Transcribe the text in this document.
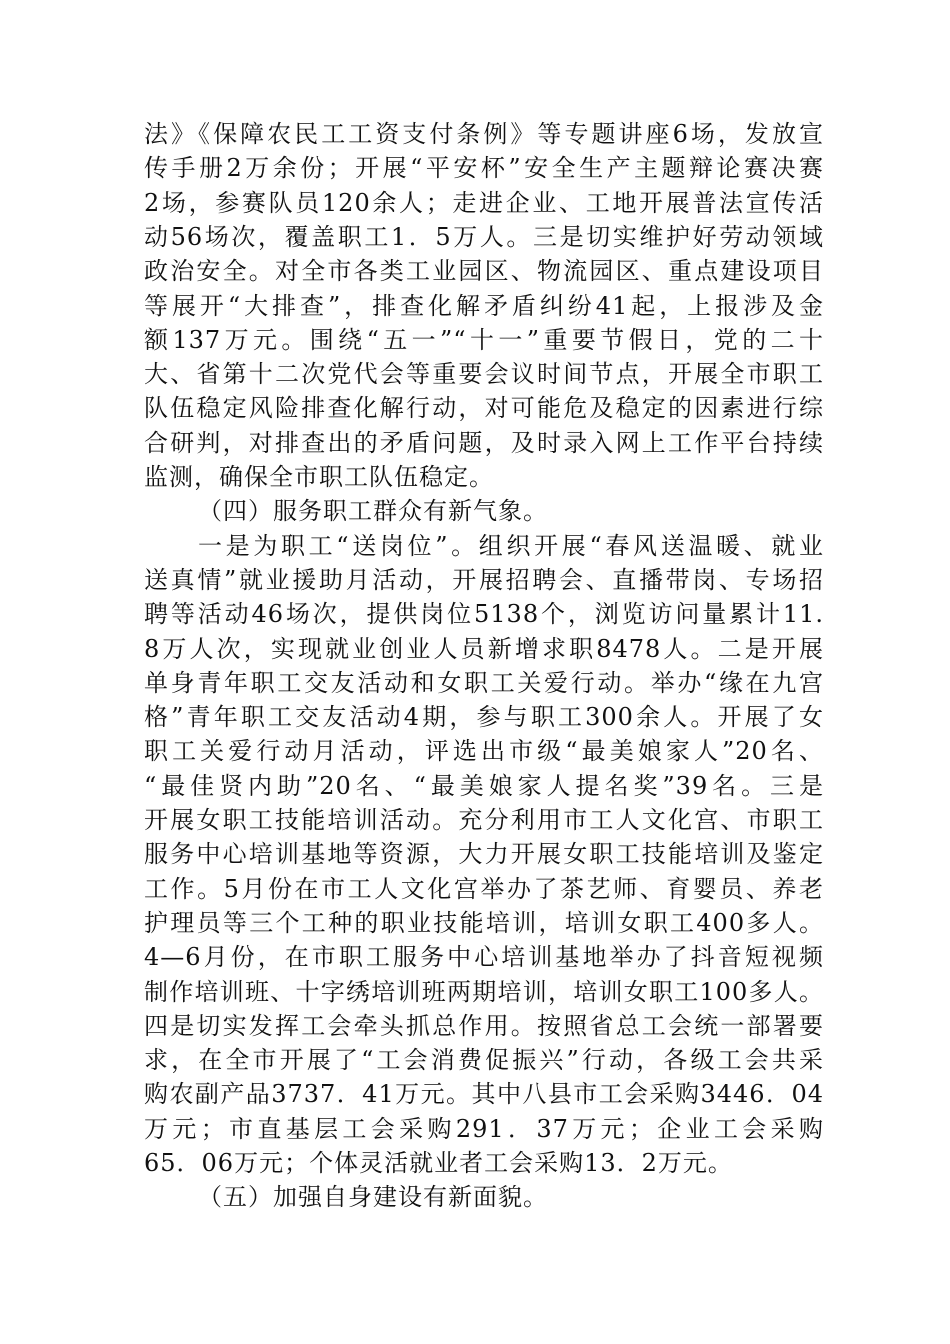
法》《保障农民工工资支付条例》等专题讲座6场，发放宣
传手册2万余份；开展“平安杯”安全生产主题辩论赛决赛
2场，参赛队员120余人；走进企业、工地开展普法宣传活
动56场次，覆盖职工1．5万人。三是切实维护好劳动领域
政治安全。对全市各类工业园区、物流园区、重点建设项目
等展开“大排查”，排查化解矛盾纠纷41起，上报涉及金
额137万元。围绕“五一”“十一”重要节假日，党的二十
大、省第十二次党代会等重要会议时间节点，开展全市职工
队伍稳定风险排查化解行动，对可能危及稳定的因素进行综
合研判，对排查出的矛盾问题，及时录入网上工作平台持续
监测，确保全市职工队伍稳定。
（四）服务职工群众有新气象。
一是为职工“送岗位”。组织开展“春风送温暖、就业
送真情”就业援助月活动，开展招聘会、直播带岗、专场招
聘等活动46场次，提供岗位5138个，浏览访问量累计11.
8万人次，实现就业创业人员新增求职8478人。二是开展
单身青年职工交友活动和女职工关爱行动。举办“缘在九宫
格”青年职工交友活动4期，参与职工300余人。开展了女
职工关爱行动月活动，评选出市级“最美娘家人”20名、
“最佳贤内助”20名、“最美娘家人提名奖”39名。三是
开展女职工技能培训活动。充分利用市工人文化宫、市职工
服务中心培训基地等资源，大力开展女职工技能培训及鉴定
工作。5月份在市工人文化宫举办了茶艺师、育婴员、养老
护理员等三个工种的职业技能培训，培训女职工400多人。
4—6月份，在市职工服务中心培训基地举办了抖音短视频
制作培训班、十字绣培训班两期培训，培训女职工100多人。
四是切实发挥工会牵头抓总作用。按照省总工会统一部署要
求，在全市开展了“工会消费促振兴”行动，各级工会共采
购农副产品3737．41万元。其中八县市工会采购3446．04
万元；市直基层工会采购291．37万元；企业工会采购
65．06万元；个体灵活就业者工会采购13．2万元。
（五）加强自身建设有新面貌。
